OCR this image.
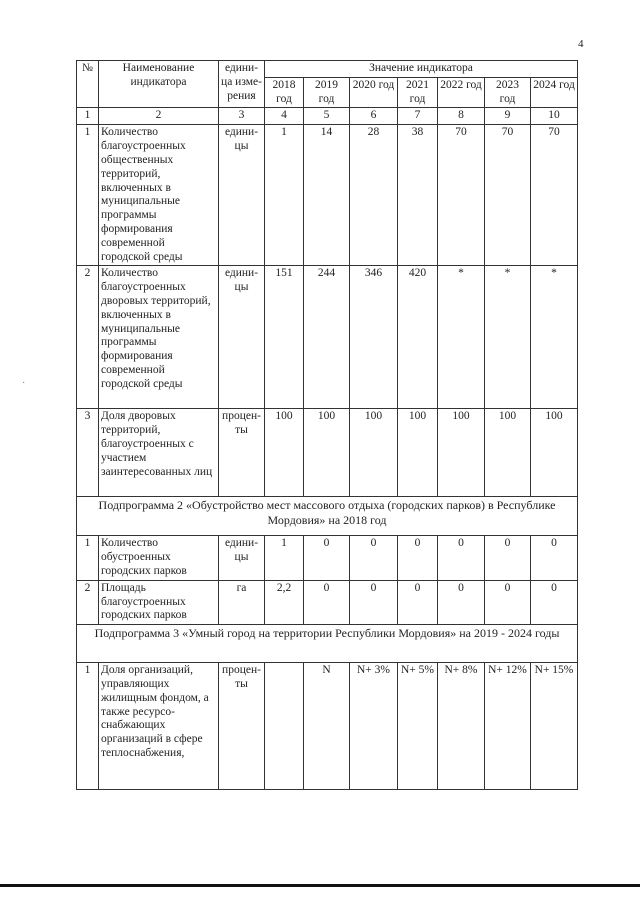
4
·
№	Наименование индикатора	едини-ца изме-рения	Значение индикатора						
			2018 год	2019 год	2020 год	2021 год	2022 год	2023 год	2024 год
1	2	3	4	5	6	7	8	9	10
1	Количество благоустроенных общественных территорий, включенных в муниципальные программы формирования современной городской среды	едини-цы	1	14	28	38	70	70	70
2	Количество благоустроенных дворовых территорий, включенных в муниципальные программы формирования современной городской среды	едини-цы	151	244	346	420	*	*	*
3	Доля дворовых территорий, благоустроенных с участием заинтересованных лиц	процен-ты	100	100	100	100	100	100	100
Подпрограмма 2 «Обустройство мест массового отдыха (городских парков) в Республике Мордовия» на 2018 год									
1	Количество обустроенных городских парков	едини-цы	1	0	0	0	0	0	0
2	Площадь благоустроенных городских парков	га	2,2	0	0	0	0	0	0
Подпрограмма 3 «Умный город на территории Республики Мордовия» на 2019 - 2024 годы									
1	Доля организаций, управляющих жилищным фондом, а также ресурсо-снабжающих организаций в сфере теплоснабжения,	процен-ты		N	N+ 3%	N+ 5%	N+ 8%	N+ 12%	N+ 15%
